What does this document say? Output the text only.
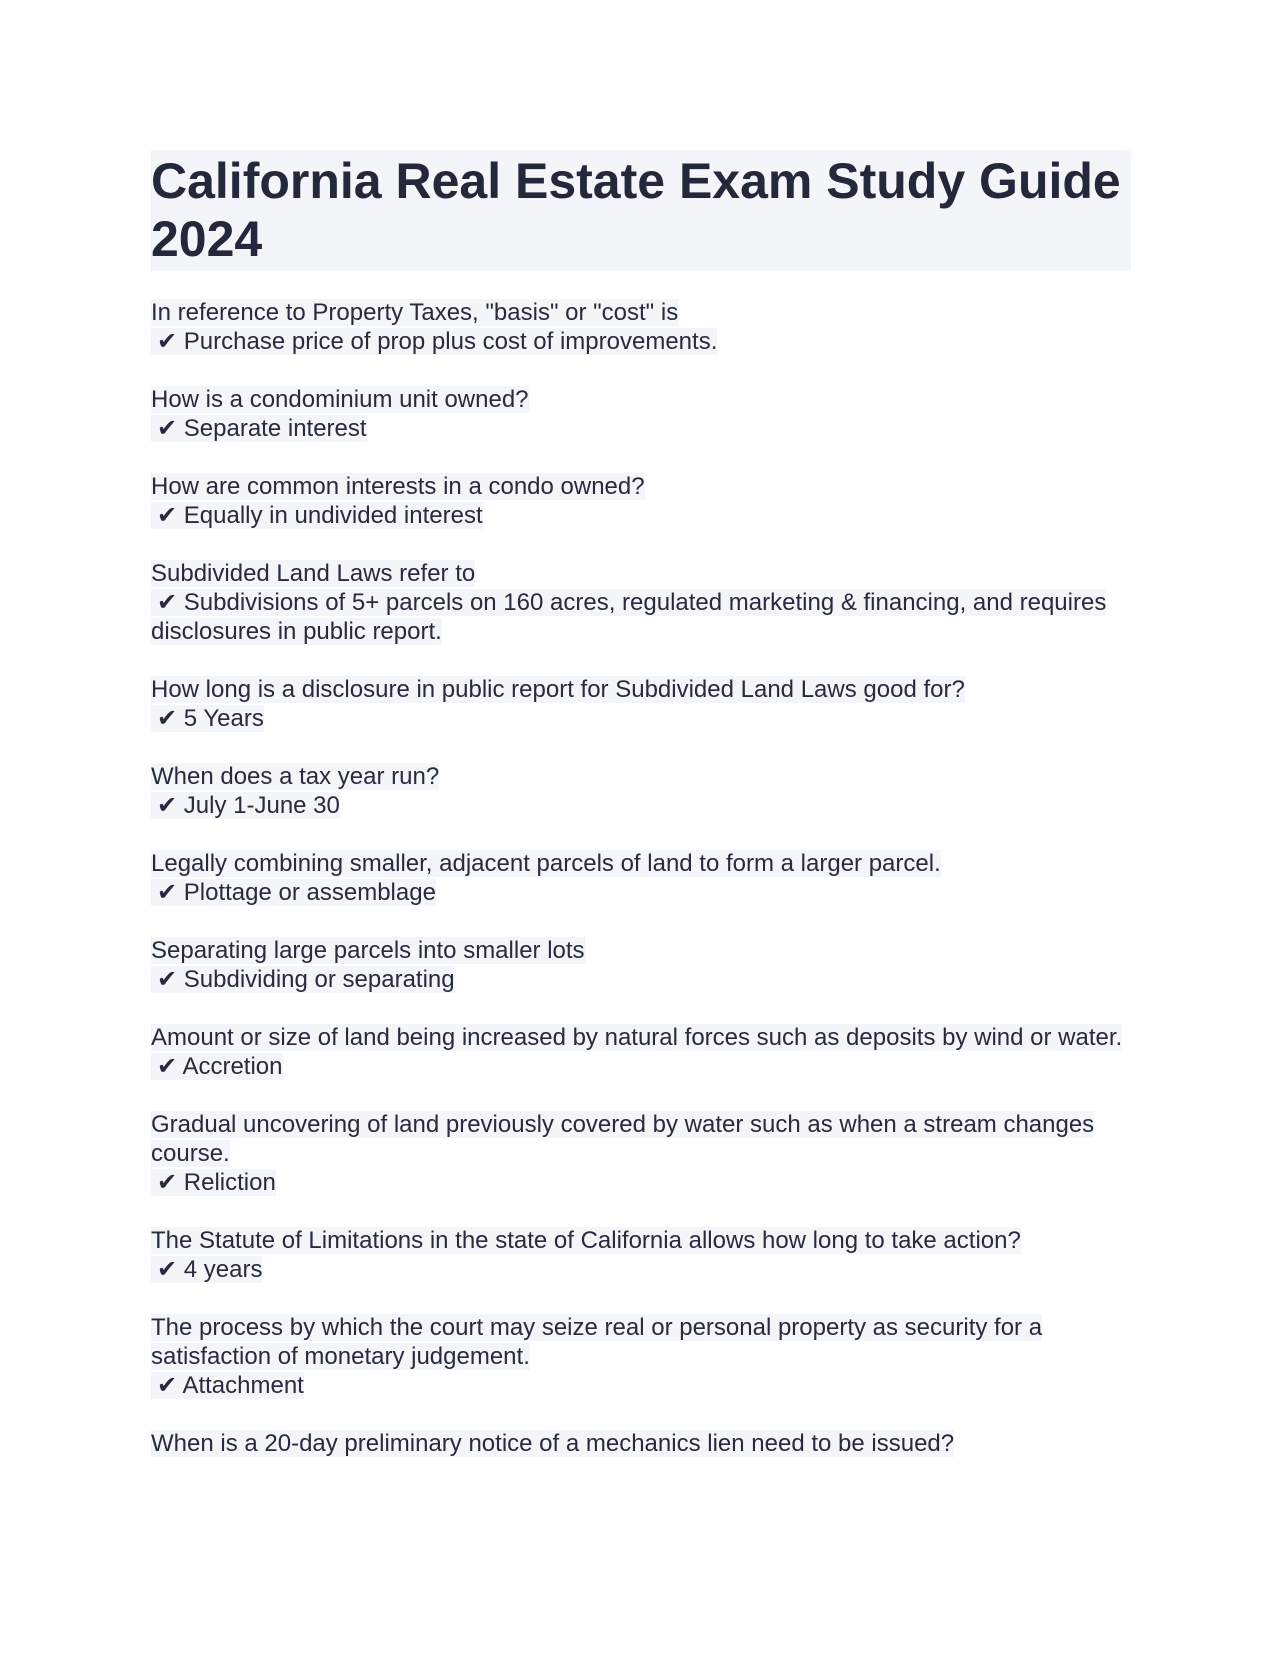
California Real Estate Exam Study Guide 2024
In reference to Property Taxes, "basis" or "cost" is
✔ Purchase price of prop plus cost of improvements.
How is a condominium unit owned?
✔ Separate interest
How are common interests in a condo owned?
✔ Equally in undivided interest
Subdivided Land Laws refer to
✔ Subdivisions of 5+ parcels on 160 acres, regulated marketing & financing, and requires disclosures in public report.
How long is a disclosure in public report for Subdivided Land Laws good for?
✔ 5 Years
When does a tax year run?
✔ July 1-June 30
Legally combining smaller, adjacent parcels of land to form a larger parcel.
✔ Plottage or assemblage
Separating large parcels into smaller lots
✔ Subdividing or separating
Amount or size of land being increased by natural forces such as deposits by wind or water.
✔ Accretion
Gradual uncovering of land previously covered by water such as when a stream changes course.
✔ Reliction
The Statute of Limitations in the state of California allows how long to take action?
✔ 4 years
The process by which the court may seize real or personal property as security for a satisfaction of monetary judgement.
✔ Attachment
When is a 20-day preliminary notice of a mechanics lien need to be issued?
